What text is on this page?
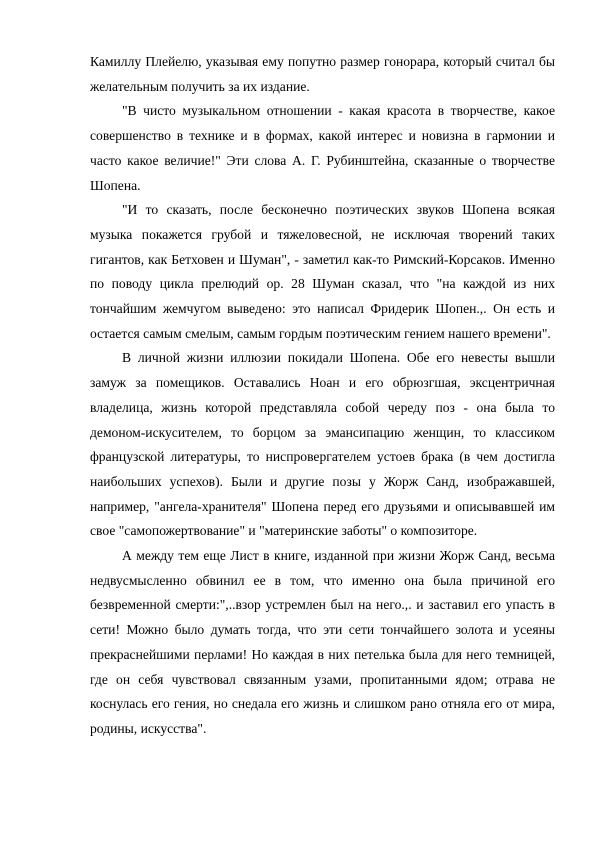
Камиллу Плейелю, указывая ему попутно размер гонорара, который считал бы желательным получить за их издание.

"В чисто музыкальном отношении - какая красота в творчестве, какое совершенство в технике и в формах, какой интерес и новизна в гармонии и часто какое величие!" Эти слова А. Г. Рубинштейна, сказанные о творчестве Шопена.

"И то сказать, после бесконечно поэтических звуков Шопена всякая музыка покажется грубой и тяжеловесной, не исключая творений таких гигантов, как Бетховен и Шуман", - заметил как-то Римский-Корсаков. Именно по поводу цикла прелюдий ор. 28 Шуман сказал, что "на каждой из них тончайшим жемчугом выведено: это написал Фридерик Шопен.,. Он есть и остается самым смелым, самым гордым поэтическим гением нашего времени".

В личной жизни иллюзии покидали Шопена. Обе его невесты вышли замуж за помещиков. Оставались Ноан и его обрюзгшая, эксцентричная владелица, жизнь которой представляла собой череду поз - она была то демоном-искусителем, то борцом за эмансипацию женщин, то классиком французской литературы, то ниспровергателем устоев брака (в чем достигла наибольших успехов). Были и другие позы у Жорж Санд, изображавшей, например, "ангела-хранителя" Шопена перед его друзьями и описывавшей им свое "самопожертвование" и "материнские заботы" о композиторе.

А между тем еще Лист в книге, изданной при жизни Жорж Санд, весьма недвусмысленно обвинил ее в том, что именно она была причиной его безвременной смерти:",..взор устремлен был на него.,. и заставил его упасть в сети! Можно было думать тогда, что эти сети тончайшего золота и усеяны прекраснейшими перлами! Но каждая в них петелька была для него темницей, где он себя чувствовал связанным узами, пропитанными ядом; отрава не коснулась его гения, но снедала его жизнь и слишком рано отняла его от мира, родины, искусства".
